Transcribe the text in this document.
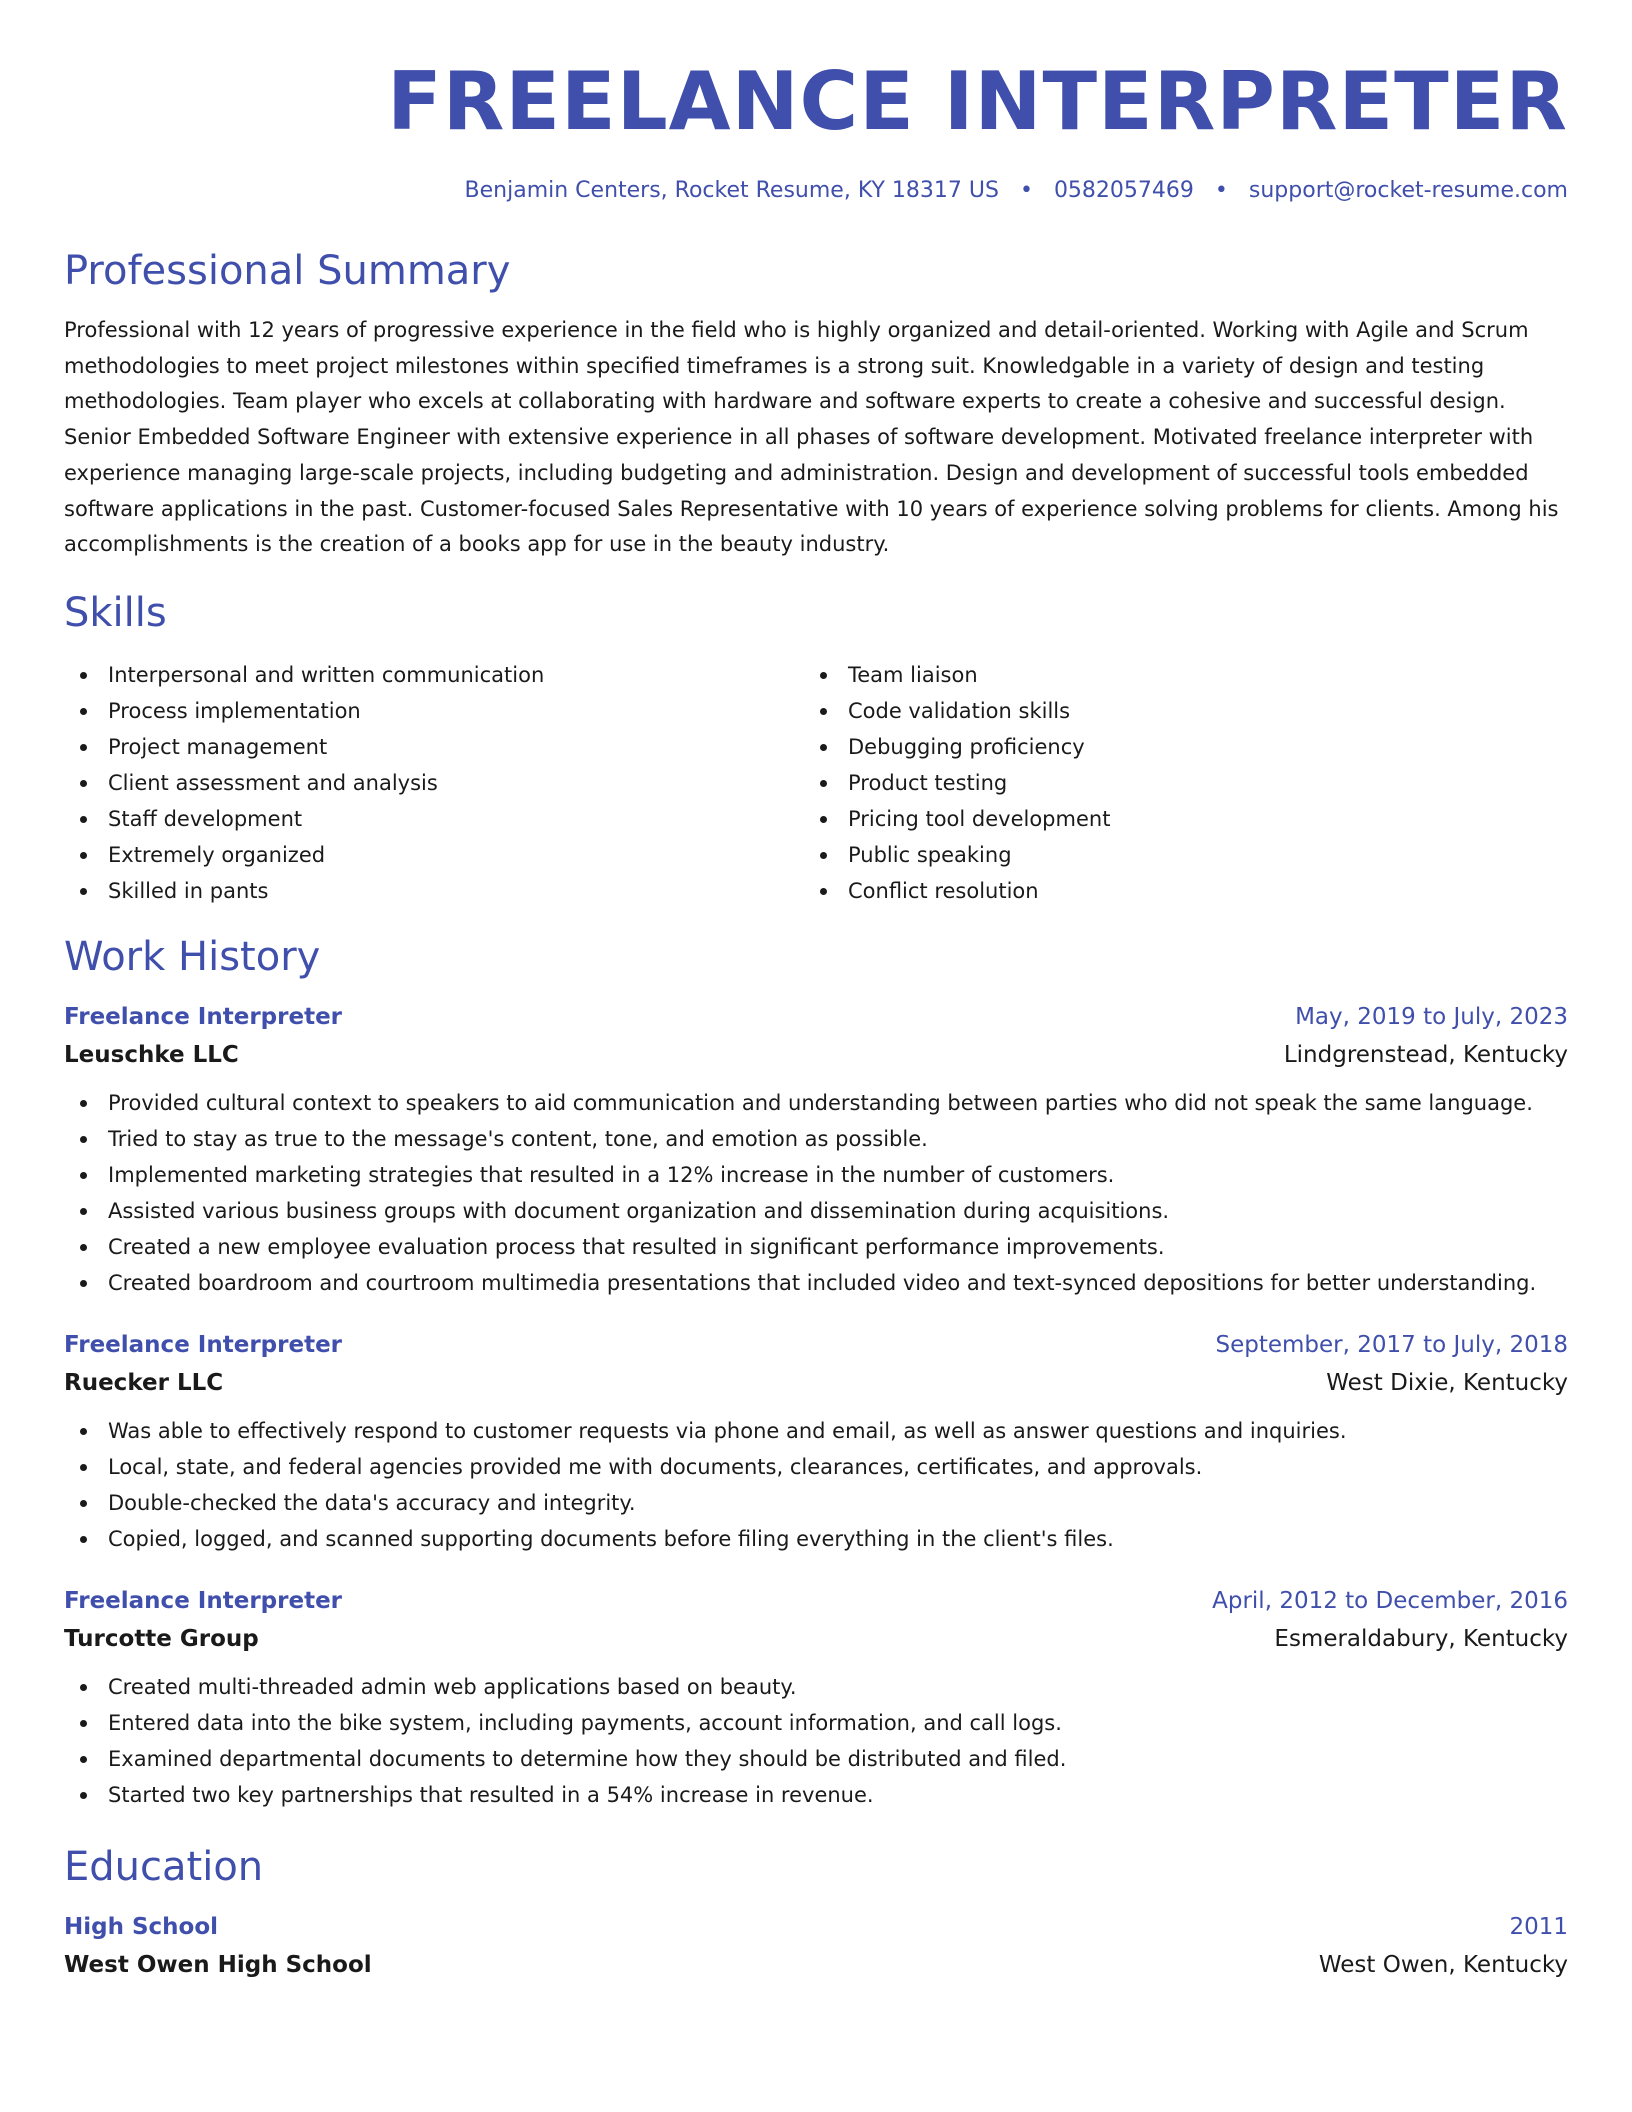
FREELANCE INTERPRETER
Benjamin Centers, Rocket Resume, KY 18317 US • 0582057469 • support@rocket-resume.com
Professional Summary

Professional with 12 years of progressive experience in the field who is highly organized and detail-oriented. Working with Agile and Scrum methodologies to meet project milestones within specified timeframes is a strong suit. Knowledgable in a variety of design and testing methodologies. Team player who excels at collaborating with hardware and software experts to create a cohesive and successful design. Senior Embedded Software Engineer with extensive experience in all phases of software development. Motivated freelance interpreter with experience managing large-scale projects, including budgeting and administration. Design and development of successful tools embedded software applications in the past. Customer-focused Sales Representative with 10 years of experience solving problems for clients. Among his accomplishments is the creation of a books app for use in the beauty industry.

Skills
Interpersonal and written communication
Process implementation
Project management
Client assessment and analysis
Staff development
Extremely organized
Skilled in pants
Team liaison
Code validation skills
Debugging proficiency
Product testing
Pricing tool development
Public speaking
Conflict resolution
Work History
Freelance Interpreter	May, 2019 to July, 2023
Leuschke LLC	Lindgrenstead, Kentucky
Provided cultural context to speakers to aid communication and understanding between parties who did not speak the same language.
Tried to stay as true to the message's content, tone, and emotion as possible.
Implemented marketing strategies that resulted in a 12% increase in the number of customers.
Assisted various business groups with document organization and dissemination during acquisitions.
Created a new employee evaluation process that resulted in significant performance improvements.
Created boardroom and courtroom multimedia presentations that included video and text-synced depositions for better understanding.
Freelance Interpreter	September, 2017 to July, 2018
Ruecker LLC	West Dixie, Kentucky
Was able to effectively respond to customer requests via phone and email, as well as answer questions and inquiries.
Local, state, and federal agencies provided me with documents, clearances, certificates, and approvals.
Double-checked the data's accuracy and integrity.
Copied, logged, and scanned supporting documents before filing everything in the client's files.
Freelance Interpreter	April, 2012 to December, 2016
Turcotte Group	Esmeraldabury, Kentucky
Created multi-threaded admin web applications based on beauty.
Entered data into the bike system, including payments, account information, and call logs.
Examined departmental documents to determine how they should be distributed and filed.
Started two key partnerships that resulted in a 54% increase in revenue.
Education
High School	2011
West Owen High School	West Owen, Kentucky
